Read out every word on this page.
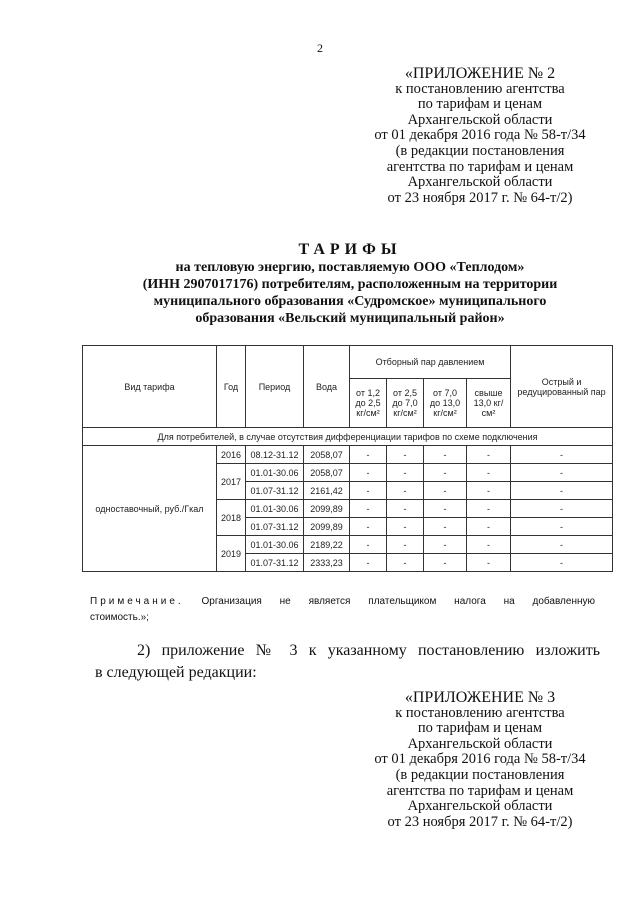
2
«ПРИЛОЖЕНИЕ № 2
к постановлению агентства
по тарифам и ценам
Архангельской области
от 01 декабря 2016 года № 58-т/34
(в редакции постановления
агентства по тарифам и ценам
Архангельской области
от 23 ноября 2017 г. № 64-т/2)
ТАРИФЫ
на тепловую энергию, поставляемую ООО «Теплодом»
(ИНН 2907017176) потребителям, расположенным на территории
муниципального образования «Судромское» муниципального
образования «Вельский муниципальный район»
Вид тарифа	Год	Период	Вода	Отборный пар давлением				Острый и редуцированный пар
				от 1,2 до 2,5 кг/см²	от 2,5 до 7,0 кг/см²	от 7,0 до 13,0 кг/см²	свыше 13,0 кг/см²	
Для потребителей, в случае отсутствия дифференциации тарифов по схеме подключения								
одноставочный, руб./Гкал	2016	08.12-31.12	2058,07	-	-	-	-	-
	2017	01.01-30.06	2058,07	-	-	-	-	-
		01.07-31.12	2161,42	-	-	-	-	-
	2018	01.01-30.06	2099,89	-	-	-	-	-
		01.07-31.12	2099,89	-	-	-	-	-
	2019	01.01-30.06	2189,22	-	-	-	-	-
		01.07-31.12	2333,23	-	-	-	-	-
Примечание. Организация не является плательщиком налога на добавленную
стоимость.»;
2) приложение № 3 к указанному постановлению изложить
в следующей редакции:
«ПРИЛОЖЕНИЕ № 3
к постановлению агентства
по тарифам и ценам
Архангельской области
от 01 декабря 2016 года № 58-т/34
(в редакции постановления
агентства по тарифам и ценам
Архангельской области
от 23 ноября 2017 г. № 64-т/2)
